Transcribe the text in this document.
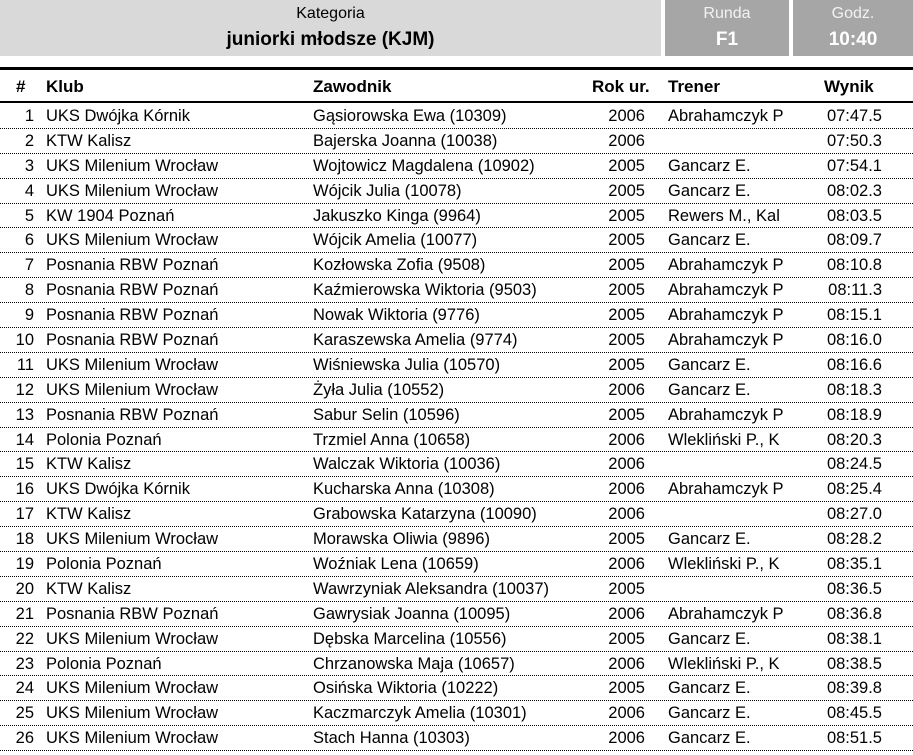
Kategoria
juniorki młodsze (KJM)
Runda
F1
Godz.
10:40
# Klub	Zawodnik	Rok ur. Trener	Wynik
1 UKS Dwójka Kórnik	Gąsiorowska Ewa (10309)	2006 Abrahamczyk P	07:47.5
2 KTW Kalisz	Bajerska Joanna (10038)	2006	07:50.3
3 UKS Milenium Wrocław	Wojtowicz Magdalena (10902)	2005 Gancarz E.	07:54.1
4 UKS Milenium Wrocław	Wójcik Julia (10078)	2005 Gancarz E.	08:02.3
5 KW 1904 Poznań	Jakuszko Kinga (9964)	2005 Rewers M., Kal	08:03.5
6 UKS Milenium Wrocław	Wójcik Amelia (10077)	2005 Gancarz E.	08:09.7
7 Posnania RBW Poznań	Kozłowska Zofia (9508)	2005 Abrahamczyk P	08:10.8
8 Posnania RBW Poznań	Kaźmierowska Wiktoria (9503)	2005 Abrahamczyk P	08:11.3
9 Posnania RBW Poznań	Nowak Wiktoria (9776)	2005 Abrahamczyk P	08:15.1
10 Posnania RBW Poznań	Karaszewska Amelia (9774)	2005 Abrahamczyk P	08:16.0
11 UKS Milenium Wrocław	Wiśniewska Julia (10570)	2005 Gancarz E.	08:16.6
12 UKS Milenium Wrocław	Żyła Julia (10552)	2006 Gancarz E.	08:18.3
13 Posnania RBW Poznań	Sabur Selin (10596)	2005 Abrahamczyk P	08:18.9
14 Polonia Poznań	Trzmiel Anna (10658)	2006 Wlekliński P., K	08:20.3
15 KTW Kalisz	Walczak Wiktoria (10036)	2006	08:24.5
16 UKS Dwójka Kórnik	Kucharska Anna (10308)	2006 Abrahamczyk P	08:25.4
17 KTW Kalisz	Grabowska Katarzyna (10090)	2006	08:27.0
18 UKS Milenium Wrocław	Morawska Oliwia (9896)	2005 Gancarz E.	08:28.2
19 Polonia Poznań	Woźniak Lena (10659)	2006 Wlekliński P., K	08:35.1
20 KTW Kalisz	Wawrzyniak Aleksandra (10037)	2005	08:36.5
21 Posnania RBW Poznań	Gawrysiak Joanna (10095)	2006 Abrahamczyk P	08:36.8
22 UKS Milenium Wrocław	Dębska Marcelina (10556)	2005 Gancarz E.	08:38.1
23 Polonia Poznań	Chrzanowska Maja (10657)	2006 Wlekliński P., K	08:38.5
24 UKS Milenium Wrocław	Osińska Wiktoria (10222)	2005 Gancarz E.	08:39.8
25 UKS Milenium Wrocław	Kaczmarczyk Amelia (10301)	2006 Gancarz E.	08:45.5
26 UKS Milenium Wrocław	Stach Hanna (10303)	2006 Gancarz E.	08:51.5
